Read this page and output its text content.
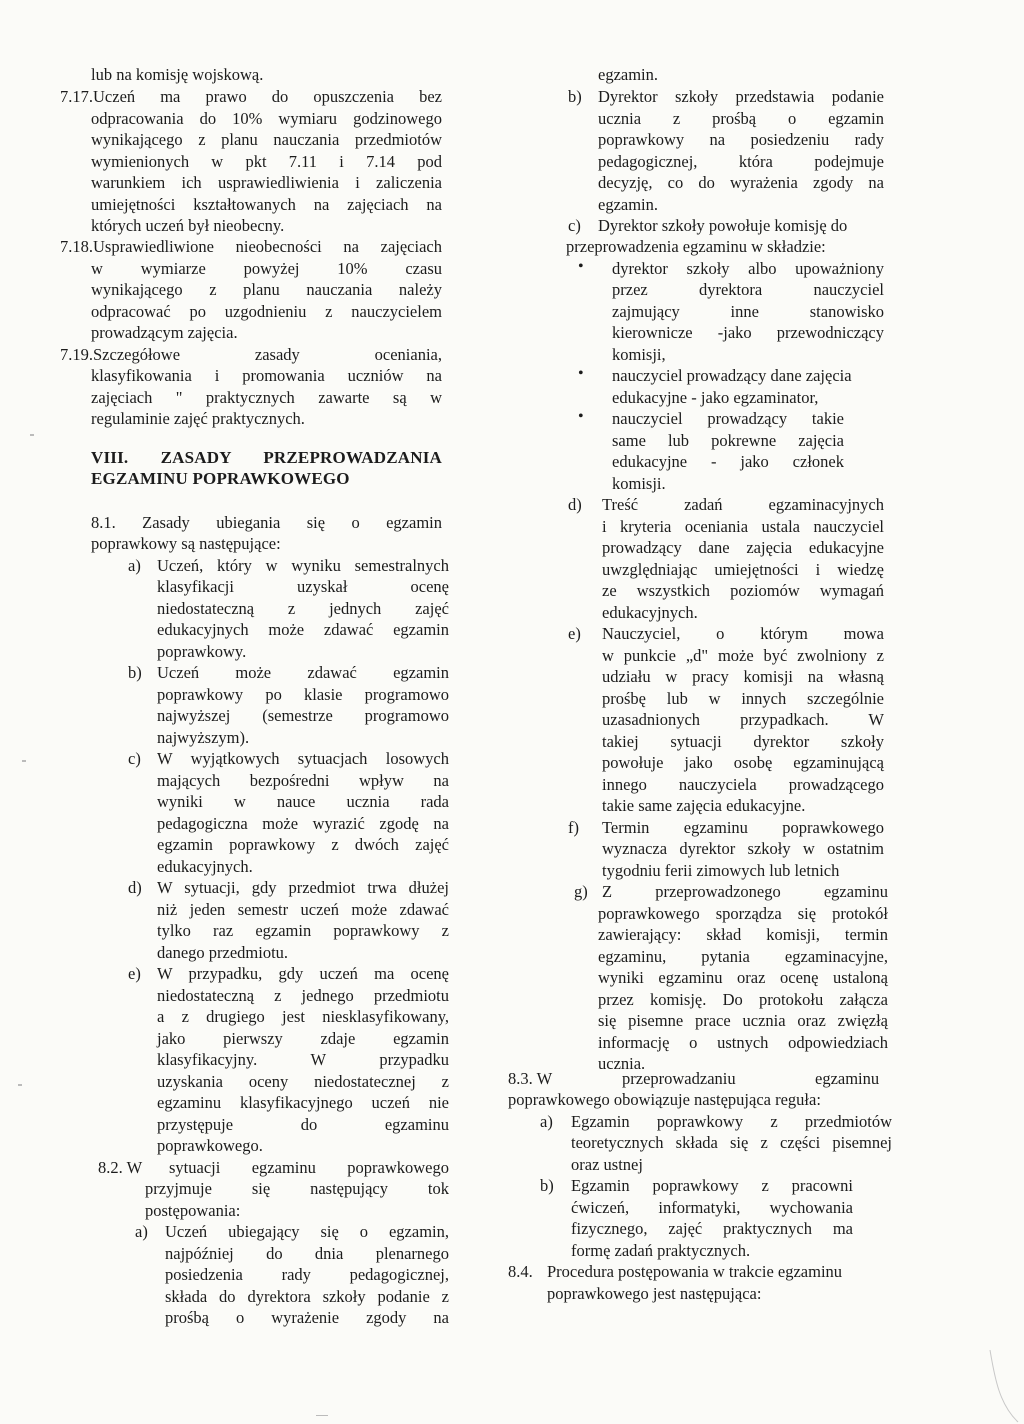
lub na komisję wojskową.
7.17.Uczeń ma prawo do opuszczenia bez
odpracowania do 10% wymiaru godzinowego
wynikającego z planu nauczania przedmiotów
wymienionych w pkt 7.11 i 7.14 pod
warunkiem ich usprawiedliwienia i zaliczenia
umiejętności kształtowanych na zajęciach na
których uczeń był nieobecny.
7.18.Usprawiedliwione nieobecności na zajęciach
w wymiarze powyżej 10% czasu
wynikającego z planu nauczania należy
odpracować po uzgodnieniu z nauczycielem
prowadzącym zajęcia.
7.19.Szczegółowe zasady oceniania,
klasyfikowania i promowania uczniów na
zajęciach " praktycznych zawarte są w
regulaminie zajęć praktycznych.
VIII. ZASADY PRZEPROWADZANIA
EGZAMINU POPRAWKOWEGO
8.1. Zasady ubiegania się o egzamin
poprawkowy są następujące:
a) Uczeń, który w wyniku semestralnych
klasyfikacji uzyskał ocenę
niedostateczną z jednych zajęć
edukacyjnych może zdawać egzamin
poprawkowy.
b) Uczeń może zdawać egzamin
poprawkowy po klasie programowo
najwyższej (semestrze programowo
najwyższym).
c) W wyjątkowych sytuacjach losowych
mających bezpośredni wpływ na
wyniki w nauce ucznia rada
pedagogiczna może wyrazić zgodę na
egzamin poprawkowy z dwóch zajęć
edukacyjnych.
d) W sytuacji, gdy przedmiot trwa dłużej
niż jeden semestr uczeń może zdawać
tylko raz egzamin poprawkowy z
danego przedmiotu.
e) W przypadku, gdy uczeń ma ocenę
niedostateczną z jednego przedmiotu
a z drugiego jest niesklasyfikowany,
jako pierwszy zdaje egzamin
klasyfikacyjny. W przypadku
uzyskania oceny niedostatecznej z
egzaminu klasyfikacyjnego uczeń nie
przystępuje do egzaminu
poprawkowego.
8.2. W sytuacji egzaminu poprawkowego
przyjmuje się następujący tok
postępowania:
a) Uczeń ubiegający się o egzamin,
najpóźniej do dnia plenarnego
posiedzenia rady pedagogicznej,
składa do dyrektora szkoły podanie z
prośbą o wyrażenie zgody na
egzamin.
b) Dyrektor szkoły przedstawia podanie
ucznia z prośbą o egzamin
poprawkowy na posiedzeniu rady
pedagogicznej, która podejmuje
decyzję, co do wyrażenia zgody na
egzamin.
c) Dyrektor szkoły powołuje komisję do
przeprowadzenia egzaminu w składzie:
• dyrektor szkoły albo upoważniony
przez dyrektora nauczyciel
zajmujący inne stanowisko
kierownicze -jako przewodniczący
komisji,
• nauczyciel prowadzący dane zajęcia
edukacyjne - jako egzaminator,
• nauczyciel prowadzący takie
same lub pokrewne zajęcia
edukacyjne - jako członek
komisji.
d) Treść zadań egzaminacyjnych
i kryteria oceniania ustala nauczyciel
prowadzący dane zajęcia edukacyjne
uwzględniając umiejętności i wiedzę
ze wszystkich poziomów wymagań
edukacyjnych.
e) Nauczyciel, o którym mowa
w punkcie „d" może być zwolniony z
udziału w pracy komisji na własną
prośbę lub w innych szczególnie
uzasadnionych przypadkach. W
takiej sytuacji dyrektor szkoły
powołuje jako osobę egzaminującą
innego nauczyciela prowadzącego
takie same zajęcia edukacyjne.
f) Termin egzaminu poprawkowego
wyznacza dyrektor szkoły w ostatnim
tygodniu ferii zimowych lub letnich
g) Z przeprowadzonego egzaminu
poprawkowego sporządza się protokół
zawierający: skład komisji, termin
egzaminu, pytania egzaminacyjne,
wyniki egzaminu oraz ocenę ustaloną
przez komisję. Do protokołu załącza
się pisemne prace ucznia oraz zwięzłą
informację o ustnych odpowiedziach
ucznia.
8.3. W	przeprowadzaniu	egzaminu
poprawkowego obowiązuje następująca reguła:
a) Egzamin poprawkowy z przedmiotów
teoretycznych składa się z części pisemnej
oraz ustnej
b) Egzamin poprawkowy z pracowni
ćwiczeń, informatyki, wychowania
fizycznego, zajęć praktycznych ma
formę zadań praktycznych.
8.4. Procedura postępowania w trakcie egzaminu
poprawkowego jest następująca:
